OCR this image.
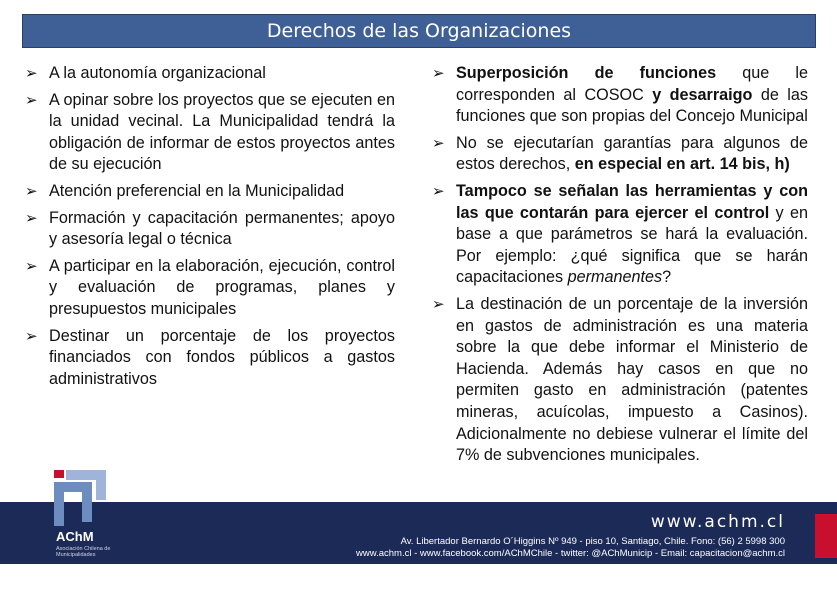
Derechos de las Organizaciones
➢ A la autonomía organizacional
➢ A opinar sobre los proyectos que se ejecuten en la unidad vecinal. La Municipalidad tendrá la obligación de informar de estos proyectos antes de su ejecución
➢ Atención preferencial en la Municipalidad
➢ Formación y capacitación permanentes; apoyo y asesoría legal o técnica
➢ A participar en la elaboración, ejecución, control y evaluación de programas, planes y presupuestos municipales
➢ Destinar un porcentaje de los proyectos financiados con fondos públicos a gastos administrativos
➢ Superposición de funciones que le corresponden al COSOC y desarraigo de las funciones que son propias del Concejo Municipal
➢ No se ejecutarían garantías para algunos de estos derechos, en especial en art. 14 bis, h)
➢ Tampoco se señalan las herramientas y con las que contarán para ejercer el control y en base a que parámetros se hará la evaluación. Por ejemplo: ¿qué significa que se harán capacitaciones permanentes?
➢ La destinación de un porcentaje de la inversión en gastos de administración es una materia sobre la que debe informar el Ministerio de Hacienda. Además hay casos en que no permiten gasto en administración (patentes mineras, acuícolas, impuesto a Casinos). Adicionalmente no debiese vulnerar el límite del 7% de subvenciones municipales.
www.achm.cl
Av. Libertador Bernardo O´Higgins Nº 949 - piso 10, Santiago, Chile. Fono: (56) 2 5998 300
www.achm.cl - www.facebook.com/AChMChile - twitter: @AChMunicip - Email: capacitacion@achm.cl
AChM
Asociación Chilena de Municipalidades
